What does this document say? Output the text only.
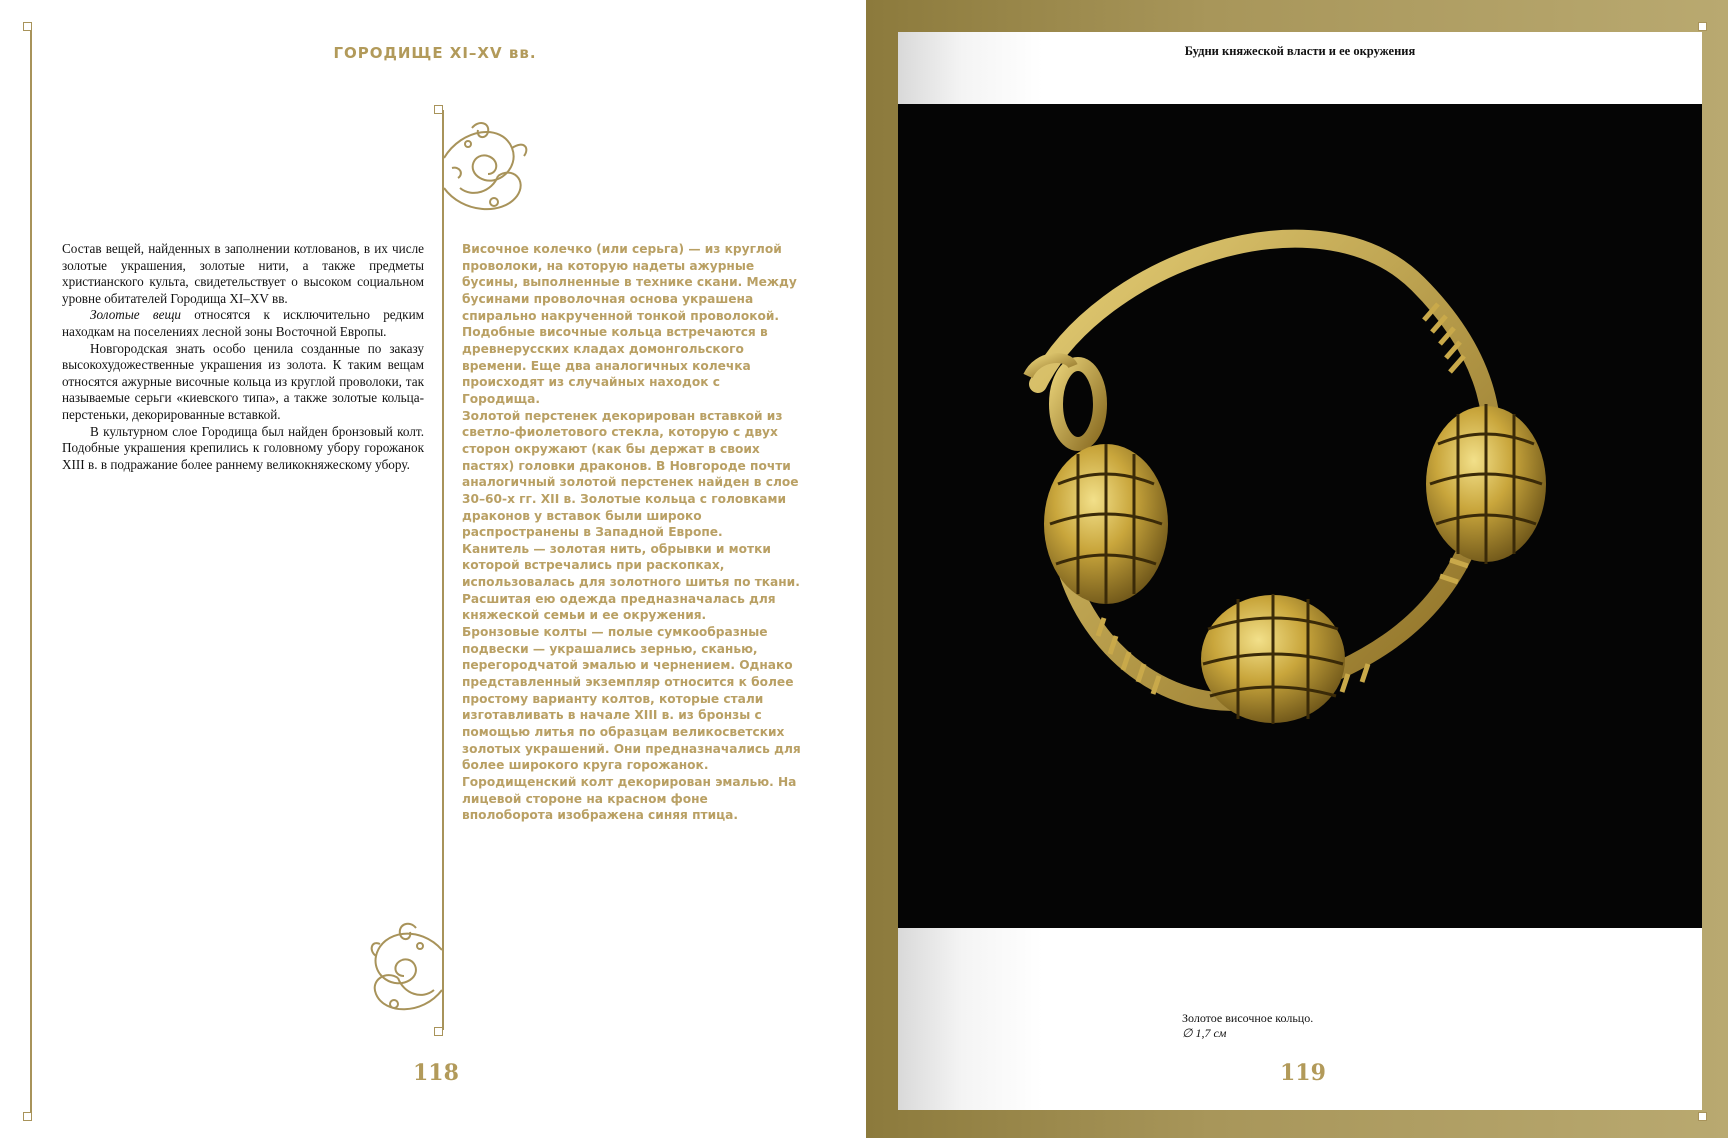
ГОРОДИЩЕ XI–XV вв.

Состав вещей, найденных в заполнении котлованов, в их числе золотые украшения, золотые нити, а также предметы христианского культа, свидетельствует о высоком социальном уровне обитателей Городища XI–XV вв.

Золотые вещи относятся к исключительно редким находкам на поселениях лесной зоны Восточной Европы.

Новгородская знать особо ценила созданные по заказу высокохудожественные украшения из золота. К таким вещам относятся ажурные височные кольца из круглой проволоки, так называемые серьги «киевского типа», а также золотые кольца-перстеньки, декорированные вставкой.

В культурном слое Городища был найден бронзовый колт. Подобные украшения крепились к головному убору горожанок XIII в. в подражание более раннему великокняжескому убору.

Височное колечко (или серьга) — из круглой проволоки, на которую надеты ажурные бусины, выполненные в технике скани. Между бусинами проволочная основа украшена спирально накрученной тонкой проволокой. Подобные височные кольца встречаются в древнерусских кладах домонгольского времени. Еще два аналогичных колечка происходят из случайных находок с Городища.

Золотой перстенек декорирован вставкой из светло-фиолетового стекла, которую с двух сторон окружают (как бы держат в своих пастях) головки драконов. В Новгороде почти аналогичный золотой перстенек найден в слое 30–60-х гг. XII в. Золотые кольца с головками драконов у вставок были широко распространены в Западной Европе.

Канитель — золотая нить, обрывки и мотки которой встречались при раскопках, использовалась для золотного шитья по ткани. Расшитая ею одежда предназначалась для княжеской семьи и ее окружения.

Бронзовые колты — полые сумкообразные подвески — украшались зернью, сканью, перегородчатой эмалью и чернением. Однако представленный экземпляр относится к более простому варианту колтов, которые стали изготавливать в начале XIII в. из бронзы с помощью литья по образцам великосветских золотых украшений. Они предназначались для более широкого круга горожанок. Городищенский колт декорирован эмалью. На лицевой стороне на красном фоне вполоборота изображена синяя птица.

118
Будни княжеской власти и ее окружения
Золотое височное кольцо.
∅ 1,7 см
119
